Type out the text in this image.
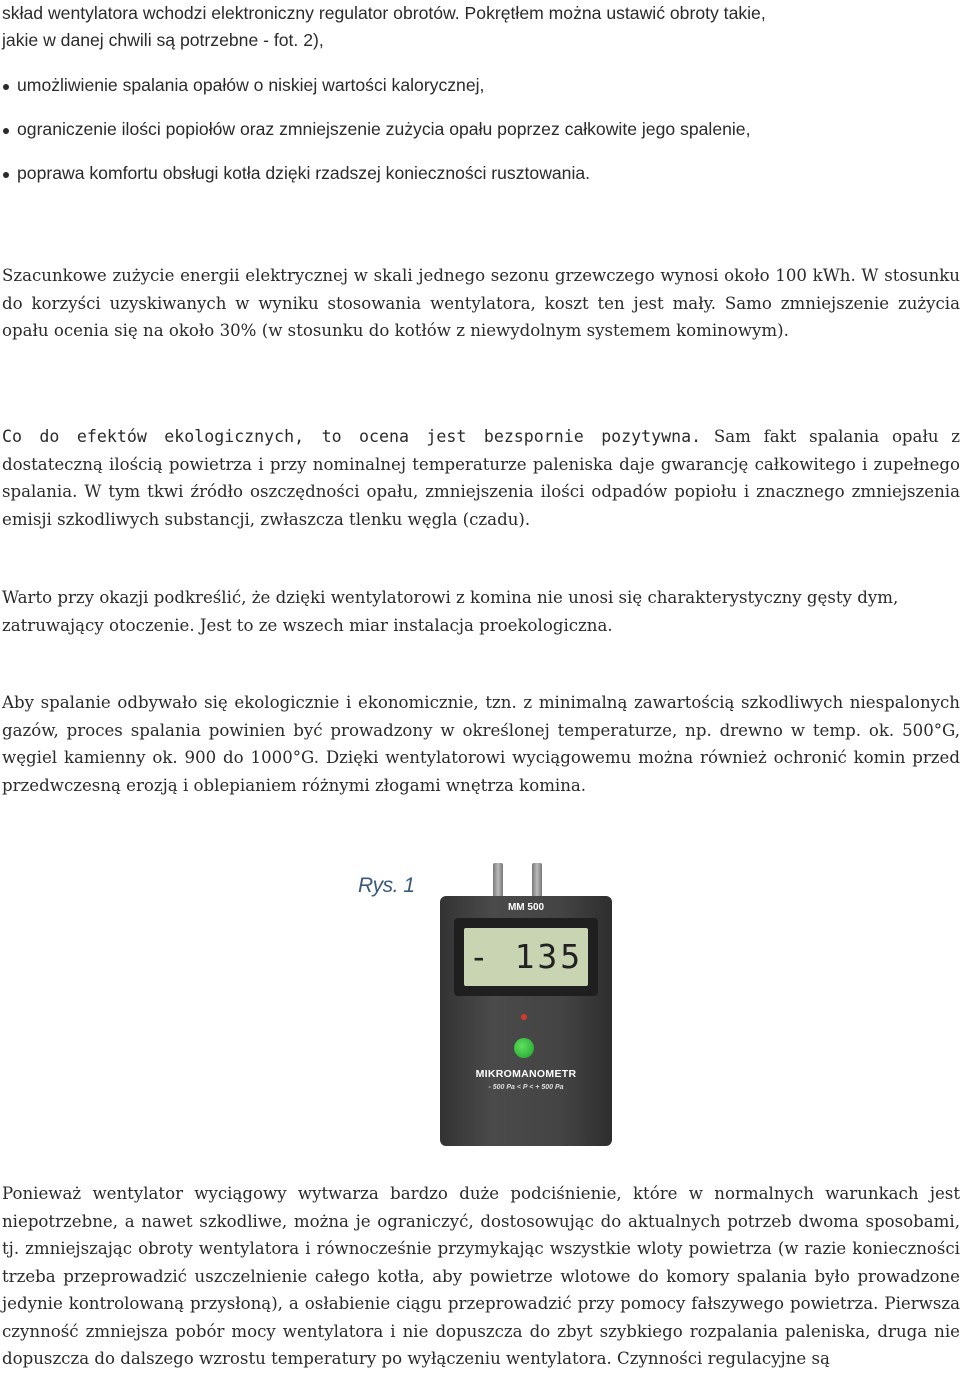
skład wentylatora wchodzi elektroniczny regulator obrotów. Pokrętłem można ustawić obroty takie,

jakie w danej chwili są potrzebne - fot. 2),

umożliwienie spalania opałów o niskiej wartości kalorycznej,
ograniczenie ilości popiołów oraz zmniejszenie zużycia opału poprzez całkowite jego spalenie,
poprawa komfortu obsługi kotła dzięki rzadszej konieczności rusztowania.

Szacunkowe zużycie energii elektrycznej w skali jednego sezonu grzewczego wynosi około 100 kWh. W stosunku do korzyści uzyskiwanych w wyniku stosowania wentylatora, koszt ten jest mały. Samo zmniejszenie zużycia opału ocenia się na około 30% (w stosunku do kotłów z niewydolnym systemem kominowym).

Co do efektów ekologicznych, to ocena jest bezspornie pozytywna. Sam fakt spalania opału z dostateczną ilością powietrza i przy nominalnej temperaturze paleniska daje gwarancję całkowitego i zupełnego spalania. W tym tkwi źródło oszczędności opału, zmniejszenia ilości odpadów popiołu i znacznego zmniejszenia emisji szkodliwych substancji, zwłaszcza tlenku węgla (czadu).

Warto przy okazji podkreślić, że dzięki wentylatorowi z komina nie unosi się charakterystyczny gęsty dym, zatruwający otoczenie. Jest to ze wszech miar instalacja proekologiczna.

Aby spalanie odbywało się ekologicznie i ekonomicznie, tzn. z minimalną zawartością szkodliwych niespalonych gazów, proces spalania powinien być prowadzony w określonej temperaturze, np. drewno w temp. ok. 500°G, węgiel kamienny ok. 900 do 1000°G. Dzięki wentylatorowi wyciągowemu można również ochronić komin przed przedwczesną erozją i oblepianiem różnymi złogami wnętrza komina.

Rys. 1
MM 500
- 135
MIKROMANOMETR
- 500 Pa < P < + 500 Pa

Ponieważ wentylator wyciągowy wytwarza bardzo duże podciśnienie, które w normalnych warunkach jest niepotrzebne, a nawet szkodliwe, można je ograniczyć, dostosowując do aktualnych potrzeb dwoma sposobami, tj. zmniejszając obroty wentylatora i równocześnie przymykając wszystkie wloty powietrza (w razie konieczności trzeba przeprowadzić uszczelnienie całego kotła, aby powietrze wlotowe do komory spalania było prowadzone jedynie kontrolowaną przysłoną), a osłabienie ciągu przeprowadzić przy pomocy fałszywego powietrza. Pierwsza czynność zmniejsza pobór mocy wentylatora i nie dopuszcza do zbyt szybkiego rozpalania paleniska, druga nie dopuszcza do dalszego wzrostu temperatury po wyłączeniu wentylatora. Czynności regulacyjne są
